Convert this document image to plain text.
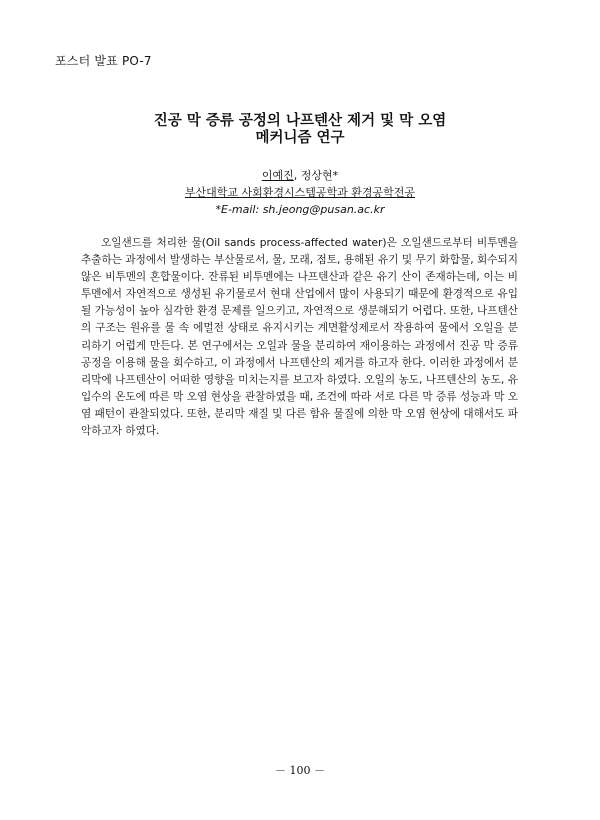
포스터 발표 PO-7
진공 막 증류 공정의 나프텐산 제거 및 막 오염
메커니즘 연구
이예진, 정상현*
부산대학교 사회환경시스템공학과 환경공학전공
*E-mail: sh.jeong@pusan.ac.kr

오일샌드를 처리한 물(Oil sands process-affected water)은 오일샌드로부터 비투멘을 추출하는 과정에서 발생하는 부산물로서, 물, 모래, 점토, 용해된 유기 및 무기 화합물, 회수되지 않은 비투멘의 혼합물이다. 잔류된 비투멘에는 나프텐산과 같은 유기 산이 존재하는데, 이는 비투멘에서 자연적으로 생성된 유기물로서 현대 산업에서 많이 사용되기 때문에 환경적으로 유입될 가능성이 높아 심각한 환경 문제를 일으키고, 자연적으로 생분해되기 어렵다. 또한, 나프텐산의 구조는 원유를 물 속 에멀전 상태로 유지시키는 계면활성제로서 작용하여 물에서 오일을 분리하기 어렵게 만든다. 본 연구에서는 오일과 물을 분리하여 재이용하는 과정에서 진공 막 증류 공정을 이용해 물을 회수하고, 이 과정에서 나프텐산의 제거를 하고자 한다. 이러한 과정에서 분리막에 나프텐산이 어떠한 영향을 미치는지를 보고자 하였다. 오일의 농도, 나프텐산의 농도, 유입수의 온도에 따른 막 오염 현상을 관찰하였을 때, 조건에 따라 서로 다른 막 증류 성능과 막 오염 패턴이 관찰되었다. 또한, 분리막 재질 및 다른 함유 물질에 의한 막 오염 현상에 대해서도 파악하고자 하였다.

－ 100 －
